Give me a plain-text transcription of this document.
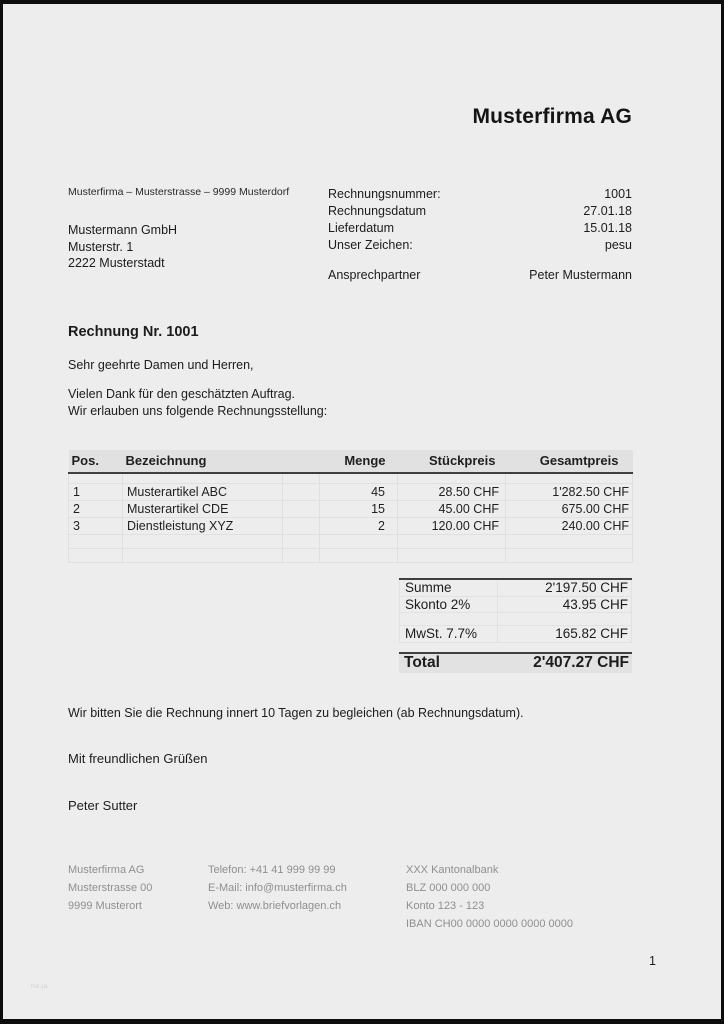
Musterfirma AG
Musterfirma – Musterstrasse – 9999 Musterdorf
Mustermann GmbH
Musterstr. 1
2222 Musterstadt
Rechnungsnummer:	1001
Rechnungsdatum	27.01.18
Lieferdatum	15.01.18
Unser Zeichen:	pesu
Ansprechpartner	Peter Mustermann
Rechnung Nr. 1001
Sehr geehrte Damen und Herren,
Vielen Dank für den geschätzten Auftrag.
Wir erlauben uns folgende Rechnungsstellung:
Pos.	Bezeichnung		Menge	Stückpreis	Gesamtpreis

1	Musterartikel ABC		45	28.50 CHF	1'282.50 CHF
2	Musterartikel CDE		15	45.00 CHF	675.00 CHF
3	Dienstleistung XYZ		2	120.00 CHF	240.00 CHF

Summe	2'197.50 CHF
Skonto 2%	43.95 CHF
MwSt. 7.7%	165.82 CHF
Total	2'407.27 CHF
Wir bitten Sie die Rechnung innert 10 Tagen zu begleichen (ab Rechnungsdatum).
Mit freundlichen Grüßen
Peter Sutter
Musterfirma AG
Musterstrasse 00
9999 Musterort
Telefon: +41 41 999 99 99
E-Mail: info@musterfirma.ch
Web: www.briefvorlagen.ch
XXX Kantonalbank
BLZ 000 000 000
Konto 123 - 123
IBAN CH00 0000 0000 0000 0000
1
hd.ja
